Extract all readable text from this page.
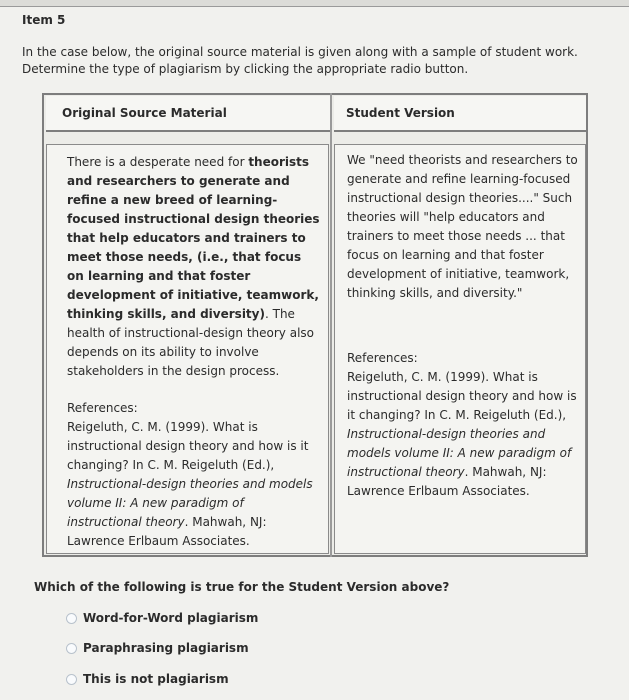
Item 5
In the case below, the original source material is given along with a sample of student work.
Determine the type of plagiarism by clicking the appropriate radio button.
Original Source Material	Student Version

There is a desperate need for theorists and researchers to generate and refine a new breed of learning-focused instructional design theories that help educators and trainers to meet those needs, (i.e., that focus on learning and that foster development of initiative, teamwork, thinking skills, and diversity). The health of instructional-design theory also depends on its ability to involve stakeholders in the design process.

References:
Reigeluth, C. M. (1999). What is instructional design theory and how is it changing? In C. M. Reigeluth (Ed.), Instructional-design theories and models volume II: A new paradigm of instructional theory. Mahwah, NJ: Lawrence Erlbaum Associates.

We "need theorists and researchers to generate and refine learning-focused instructional design theories...." Such theories will "help educators and trainers to meet those needs ... that focus on learning and that foster development of initiative, teamwork, thinking skills, and diversity."

References:
Reigeluth, C. M. (1999). What is instructional design theory and how is it changing? In C. M. Reigeluth (Ed.), Instructional-design theories and models volume II: A new paradigm of instructional theory. Mahwah, NJ: Lawrence Erlbaum Associates.
Which of the following is true for the Student Version above?
Word-for-Word plagiarism
Paraphrasing plagiarism
This is not plagiarism
